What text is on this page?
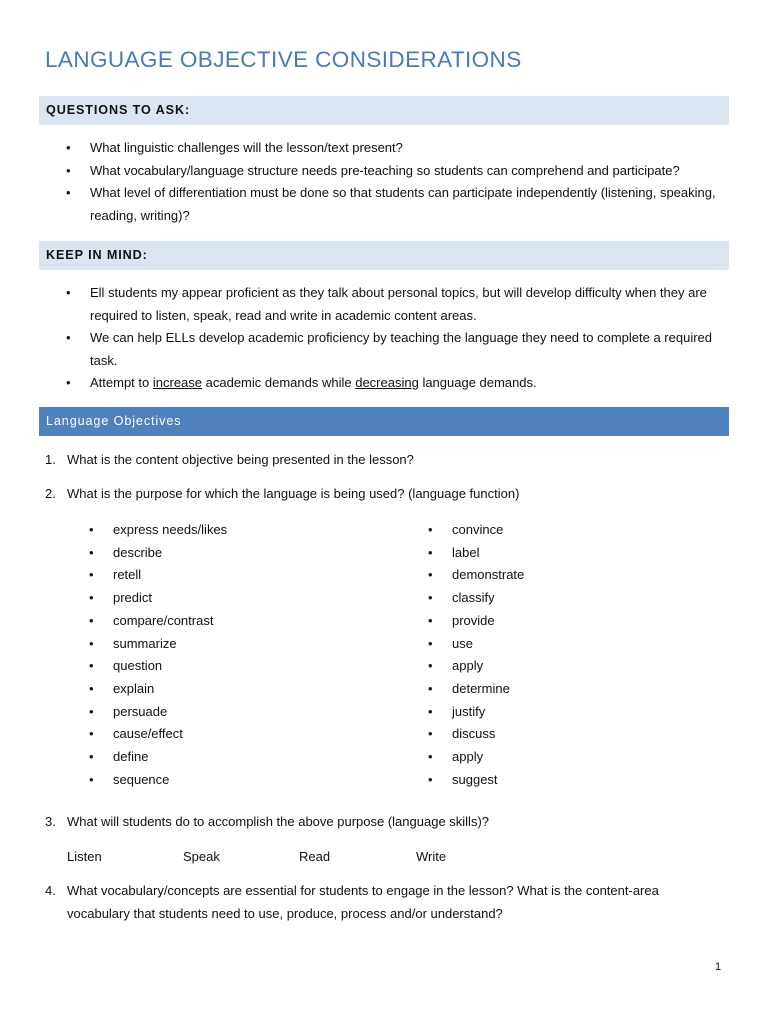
LANGUAGE OBJECTIVE CONSIDERATIONS
QUESTIONS TO ASK:
• What linguistic challenges will the lesson/text present?
• What vocabulary/language structure needs pre-teaching so students can comprehend and participate?
• What level of differentiation must be done so that students can participate independently (listening, speaking, reading, writing)?
KEEP IN MIND:
• Ell students my appear proficient as they talk about personal topics, but will develop difficulty when they are required to listen, speak, read and write in academic content areas.
• We can help ELLs develop academic proficiency by teaching the language they need to complete a required task.
• Attempt to increase academic demands while decreasing language demands.
Language Objectives
1. What is the content objective being presented in the lesson?
2. What is the purpose for which the language is being used? (language function)
• express needs/likes
• describe
• retell
• predict
• compare/contrast
• summarize
• question
• explain
• persuade
• cause/effect
• define
• sequence
• convince
• label
• demonstrate
• classify
• provide
• use
• apply
• determine
• justify
• discuss
• apply
• suggest
3. What will students do to accomplish the above purpose (language skills)?
Listen	Speak	Read	Write
4. What vocabulary/concepts are essential for students to engage in the lesson? What is the content-area vocabulary that students need to use, produce, process and/or understand?
1
